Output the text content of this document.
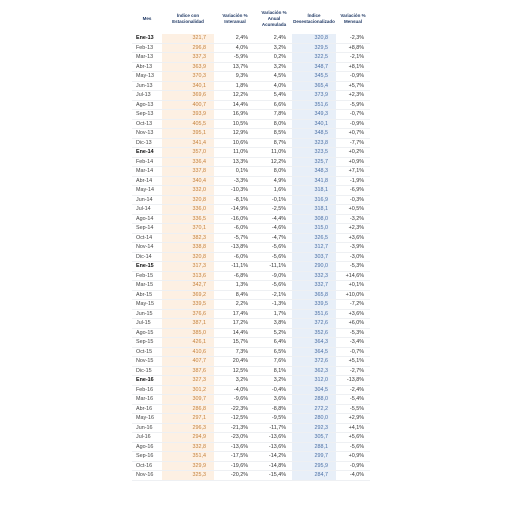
Mes	Índice con Estacionalidad	Variación % Interanual	Variación % Anual Acumulada	Índice Desestacionalizado	Variación % Mensual
Ene-13	321,7	2,4%	2,4%	320,8	-2,3%
Feb-13	296,8	4,0%	3,2%	329,5	+8,8%
Mar-13	337,3	-5,9%	0,2%	322,5	-2,1%
Abr-13	363,9	13,7%	3,2%	348,7	+8,1%
May-13	370,3	9,3%	4,5%	345,5	-0,9%
Jun-13	340,1	1,8%	4,0%	365,4	+5,7%
Jul-13	369,6	12,2%	5,4%	373,9	+2,3%
Ago-13	400,7	14,4%	6,6%	351,6	-5,9%
Sep-13	393,9	16,9%	7,8%	349,3	-0,7%
Oct-13	405,5	10,5%	8,0%	340,1	-0,9%
Nov-13	395,1	12,9%	8,5%	348,5	+0,7%
Dic-13	341,4	10,6%	8,7%	323,8	-7,7%
Ene-14	357,0	11,0%	11,0%	323,5	+0,2%
Feb-14	336,4	13,3%	12,2%	325,7	+0,9%
Mar-14	337,8	0,1%	8,0%	348,3	+7,1%
Abr-14	340,4	-3,3%	4,9%	341,8	-1,9%
May-14	332,0	-10,3%	1,6%	318,1	-6,9%
Jun-14	320,8	-8,1%	-0,1%	316,9	-0,3%
Jul-14	336,0	-14,9%	-2,5%	318,1	+0,5%
Ago-14	336,5	-16,0%	-4,4%	308,0	-3,2%
Sep-14	370,1	-6,0%	-4,6%	315,0	+2,3%
Oct-14	382,3	-5,7%	-4,7%	326,5	+3,6%
Nov-14	338,8	-13,8%	-5,6%	312,7	-3,9%
Dic-14	320,8	-6,0%	-5,6%	303,7	-3,0%
Ene-15	317,3	-11,1%	-11,1%	290,0	-5,3%
Feb-15	313,6	-6,8%	-9,0%	332,3	+14,6%
Mar-15	342,7	1,3%	-5,6%	332,7	+0,1%
Abr-15	369,2	8,4%	-2,1%	365,8	+10,0%
May-15	339,5	2,2%	-1,3%	339,5	-7,2%
Jun-15	376,6	17,4%	1,7%	351,6	+3,6%
Jul-15	387,1	17,2%	3,8%	372,6	+6,0%
Ago-15	385,0	14,4%	5,2%	352,6	-5,3%
Sep-15	426,1	15,7%	6,4%	364,3	-3,4%
Oct-15	410,6	7,3%	6,5%	364,5	-0,7%
Nov-15	407,7	20,4%	7,6%	372,6	+5,1%
Dic-15	387,6	12,5%	8,1%	362,3	-2,7%
Ene-16	327,3	3,2%	3,2%	312,0	-13,8%
Feb-16	301,2	-4,0%	-0,4%	304,5	-2,4%
Mar-16	309,7	-9,6%	3,6%	288,0	-5,4%
Abr-16	286,8	-22,3%	-8,8%	272,2	-5,5%
May-16	297,1	-12,5%	-9,5%	280,0	+2,9%
Jun-16	296,3	-21,3%	-11,7%	292,3	+4,1%
Jul-16	294,9	-23,0%	-13,6%	305,7	+5,6%
Ago-16	332,8	-13,6%	-13,6%	288,1	-5,6%
Sep-16	351,4	-17,5%	-14,2%	299,7	+0,9%
Oct-16	329,9	-19,6%	-14,8%	295,9	-0,9%
Nov-16	325,3	-20,2%	-15,4%	284,7	-4,0%
